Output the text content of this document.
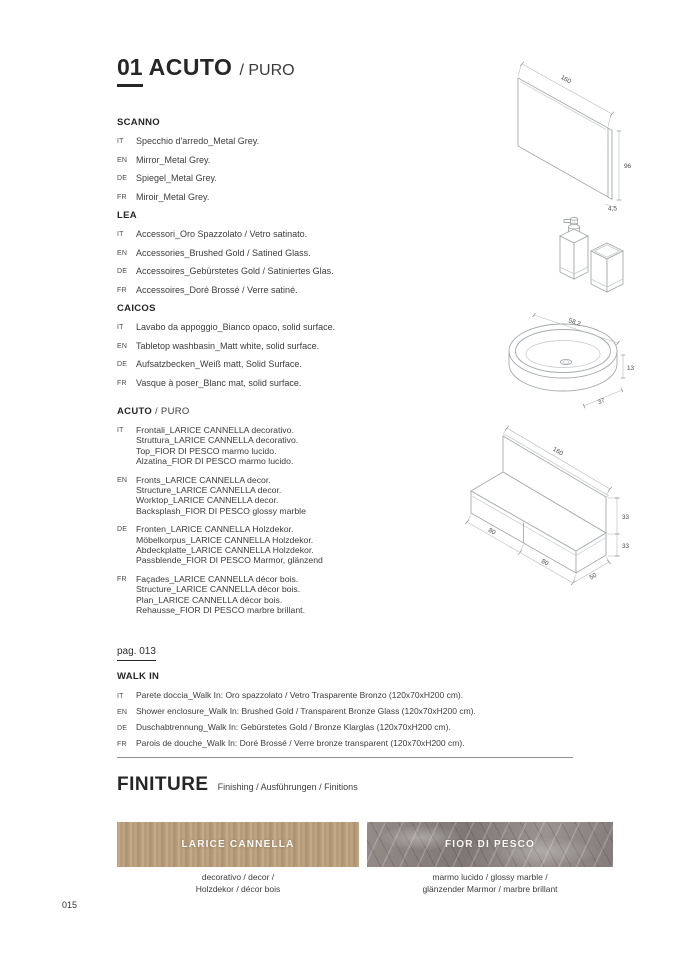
01 ACUTO / PURO
SCANNO
IT	Specchio d'arredo_Metal Grey.
EN Mirror_Metal Grey.
DE Spiegel_Metal Grey.
FR	Miroir_Metal Grey.
LEA
IT	Accessori_Oro Spazzolato / Vetro satinato.
EN Accessories_Brushed Gold / Satined Glass.
DE Accessoires_Gebürstetes Gold / Satiniertes Glas.
FR	Accessoires_Doré Brossé / Verre satiné.
CAICOS
IT	Lavabo da appoggio_Bianco opaco, solid surface.
EN Tabletop washbasin_Matt white, solid surface.
DE Aufsatzbecken_Weiß matt, Solid Surface.
FR	Vasque à poser_Blanc mat, solid surface.
ACUTO / PURO
IT	Frontali_LARICE CANNELLA decorativo.
Struttura_LARICE CANNELLA decorativo.
Top_FIOR DI PESCO marmo lucido.
Alzatina_FIOR DI PESCO marmo lucido.
EN	Fronts_LARICE CANNELLA decor.
Structure_LARICE CANNELLA decor.
Worktop_LARICE CANNELLA decor.
Backsplash_FIOR DI PESCO glossy marble
DE	Fronten_LARICE CANNELLA Holzdekor.
Möbelkorpus_LARICE CANNELLA Holzdekor.
Abdeckplatte_LARICE CANNELLA Holzdekor.
Passblende_FIOR DI PESCO Marmor, glänzend
FR	Façades_LARICE CANNELLA décor bois.
Structure_LARICE CANNELLA décor bois.
Plan_LARICE CANNELLA décor bois.
Rehausse_FIOR DI PESCO marbre brillant.
pag. 013
WALK IN
IT	Parete doccia_Walk In: Oro spazzolato / Vetro Trasparente Bronzo (120x70xH200 cm).
EN	Shower enclosure_Walk In: Brushed Gold / Transparent Bronze Glass (120x70xH200 cm).
DE	Duschabtrennung_Walk In: Gebürstetes Gold / Bronze Klarglas (120x70xH200 cm).
FR	Parois de douche_Walk In: Doré Brossé / Verre bronze transparent (120x70xH200 cm).
FINITURE Finishing / Ausführungen / Finitions
LARICE CANNELLA	FIOR DI PESCO
decorativo / decor /
Holzdekor / décor bois
marmo lucido / glossy marble /
glänzender Marmor / marbre brillant
015
160
96
4,5
58,2
13
37
160
33
33
80
80
50
